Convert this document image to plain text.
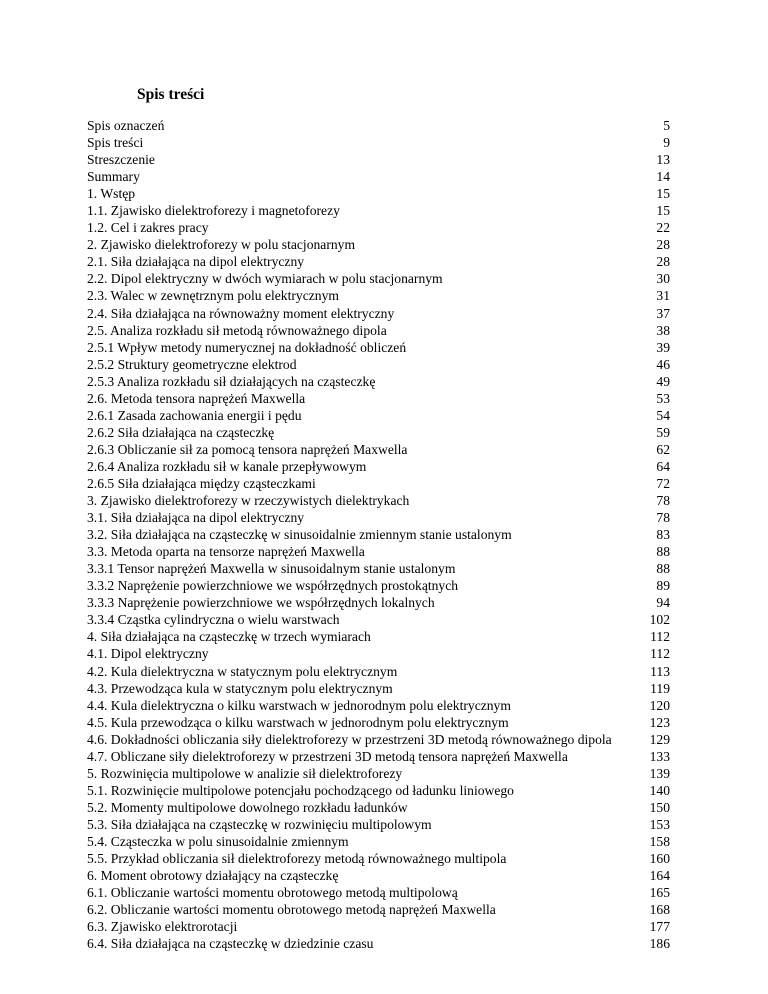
Spis treści
Spis oznaczeń	5
Spis treści	9
Streszczenie	13
Summary	14
1. Wstęp	15
1.1. Zjawisko dielektroforezy i magnetoforezy	15
1.2. Cel i zakres pracy	22
2. Zjawisko dielektroforezy w polu stacjonarnym	28
2.1. Siła działająca na dipol elektryczny	28
2.2. Dipol elektryczny w dwóch wymiarach w polu stacjonarnym	30
2.3. Walec w zewnętrznym polu elektrycznym	31
2.4. Siła działająca na równoważny moment elektryczny	37
2.5. Analiza rozkładu sił metodą równoważnego dipola	38
2.5.1 Wpływ metody numerycznej na dokładność obliczeń	39
2.5.2 Struktury geometryczne elektrod	46
2.5.3 Analiza rozkładu sił działających na cząsteczkę	49
2.6. Metoda tensora naprężeń Maxwella	53
2.6.1 Zasada zachowania energii i pędu	54
2.6.2 Siła działająca na cząsteczkę	59
2.6.3 Obliczanie sił za pomocą tensora naprężeń Maxwella	62
2.6.4 Analiza rozkładu sił w kanale przepływowym	64
2.6.5 Siła działająca między cząsteczkami	72
3. Zjawisko dielektroforezy w rzeczywistych dielektrykach	78
3.1. Siła działająca na dipol elektryczny	78
3.2. Siła działająca na cząsteczkę w sinusoidalnie zmiennym stanie ustalonym	83
3.3. Metoda oparta na tensorze naprężeń Maxwella	88
3.3.1 Tensor naprężeń Maxwella w sinusoidalnym stanie ustalonym	88
3.3.2 Naprężenie powierzchniowe we współrzędnych prostokątnych	89
3.3.3 Naprężenie powierzchniowe we współrzędnych lokalnych	94
3.3.4 Cząstka cylindryczna o wielu warstwach	102
4. Siła działająca na cząsteczkę w trzech wymiarach	112
4.1. Dipol elektryczny	112
4.2. Kula dielektryczna w statycznym polu elektrycznym	113
4.3. Przewodząca kula w statycznym polu elektrycznym	119
4.4. Kula dielektryczna o kilku warstwach w jednorodnym polu elektrycznym	120
4.5. Kula przewodząca o kilku warstwach w jednorodnym polu elektrycznym	123
4.6. Dokładności obliczania siły dielektroforezy w przestrzeni 3D metodą równoważnego dipola	129
4.7. Obliczane siły dielektroforezy w przestrzeni 3D metodą tensora naprężeń Maxwella	133
5. Rozwinięcia multipolowe w analizie sił dielektroforezy	139
5.1. Rozwinięcie multipolowe potencjału pochodzącego od ładunku liniowego	140
5.2. Momenty multipolowe dowolnego rozkładu ładunków	150
5.3. Siła działająca na cząsteczkę w rozwinięciu multipolowym	153
5.4. Cząsteczka w polu sinusoidalnie zmiennym	158
5.5. Przykład obliczania sił dielektroforezy metodą równoważnego multipola	160
6. Moment obrotowy działający na cząsteczkę	164
6.1. Obliczanie wartości momentu obrotowego metodą multipolową	165
6.2. Obliczanie wartości momentu obrotowego metodą naprężeń Maxwella	168
6.3. Zjawisko elektrorotacji	177
6.4. Siła działająca na cząsteczkę w dziedzinie czasu	186
